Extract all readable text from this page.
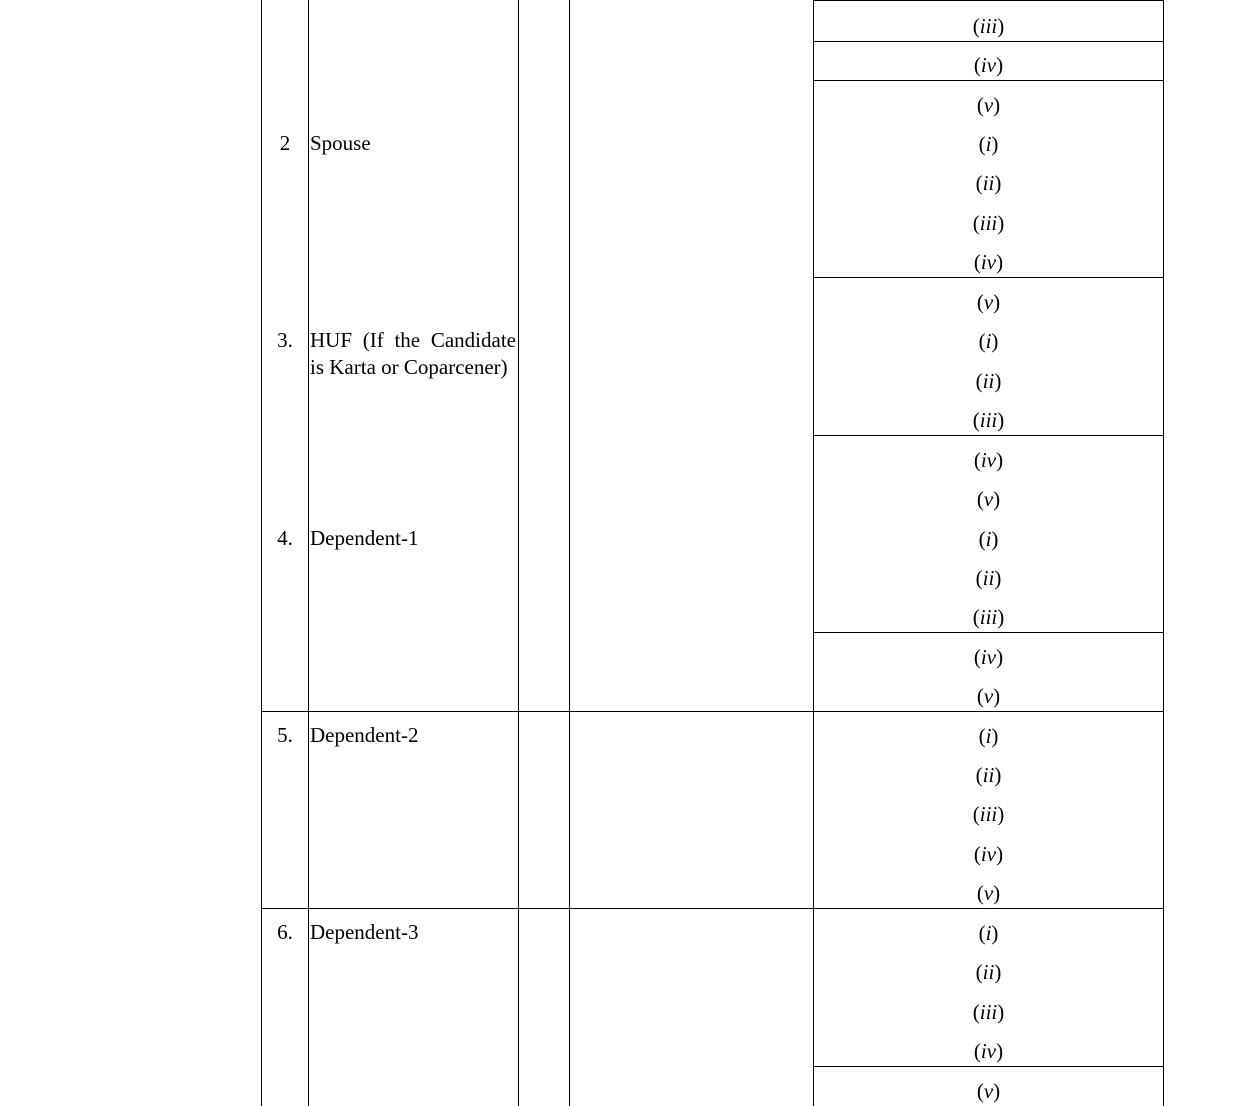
2 Spouse
3. HUF (If the Candidate is Karta or Coparcener)
4. Dependent-1
5. Dependent-2
6. Dependent-3
(iii)
(iv)
(v)
(i)
(ii)
(iii)
(iv)
(v)
(i)
(ii)
(iii)
(iv)
(v)
(i)
(ii)
(iii)
(iv)
(v)
(i)
(ii)
(iii)
(iv)
(v)
(i)
(ii)
(iii)
(iv)
(v)
